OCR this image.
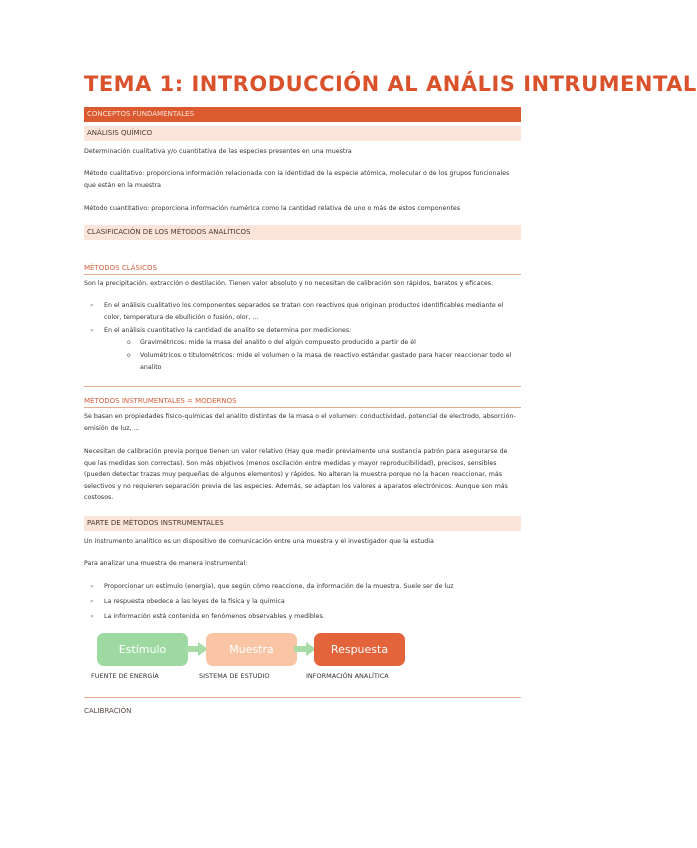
TEMA 1: INTRODUCCIÓN AL ANÁLIS INTRUMENTAL
CONCEPTOS FUNDAMENTALES
ANÁLISIS QUÍMICO
Determinación cualitativa y/o cuantitativa de las especies presentes en una muestra
Método cualitativo: proporciona información relacionada con la identidad de la especie atómica, molecular o de los grupos funcionales que están en la muestra
Método cuantitativo: proporciona información numérica como la cantidad relativa de uno o más de estos componentes
CLASIFICACIÓN DE LOS MÉTODOS ANALÍTICOS
MÉTODOS CLÁSICOS
Son la precipitación, extracción o destilación. Tienen valor absoluto y no necesitan de calibración son rápidos, baratos y eficaces.
» En el análisis cualitativo los componentes separados se tratan con reactivos que originan productos identificables mediante el color, temperatura de ebullición o fusión, olor, …
» En el análisis cuantitativo la cantidad de analito se determina por mediciones:
o Gravimétricos: mide la masa del analito o del algún compuesto producido a partir de él
o Volumétricos o titulométricos: mide el volumen o la masa de reactivo estándar gastado para hacer reaccionar todo el analito
MÉTODOS INSTRUMENTALES = MODERNOS
Se basan en propiedades físico-químicas del analito distintas de la masa o el volumen: conductividad, potencial de electrodo, absorción-emisión de luz, …
Necesitan de calibración previa porque tienen un valor relativo (Hay que medir previamente una sustancia patrón para asegurarse de que las medidas son correctas). Son más objetivos (menos oscilación entre medidas y mayor reproducibilidad), precisos, sensibles (pueden detectar trazas muy pequeñas de algunos elementos) y rápidos. No alteran la muestra porque no la hacen reaccionar, más selectivos y no requieren separación previa de las especies. Además, se adaptan los valores a aparatos electrónicos. Aunque son más costosos.
PARTE DE MÉTODOS INSTRUMENTALES
Un instrumento analítico es un dispositivo de comunicación entre una muestra y el investigador que la estudia
Para analizar una muestra de manera instrumental:
» Proporcionar un estímulo (energía), que según cómo reaccione, da información de la muestra. Suele ser de luz
» La respuesta obedece a las leyes de la física y la química
» La información está contenida en fenómenos observables y medibles.
Estímulo	Muestra	Respuesta
FUENTE DE ENERGÍA	SISTEMA DE ESTUDIO	INFORMACIÓN ANALÍTICA
CALIBRACIÓN
